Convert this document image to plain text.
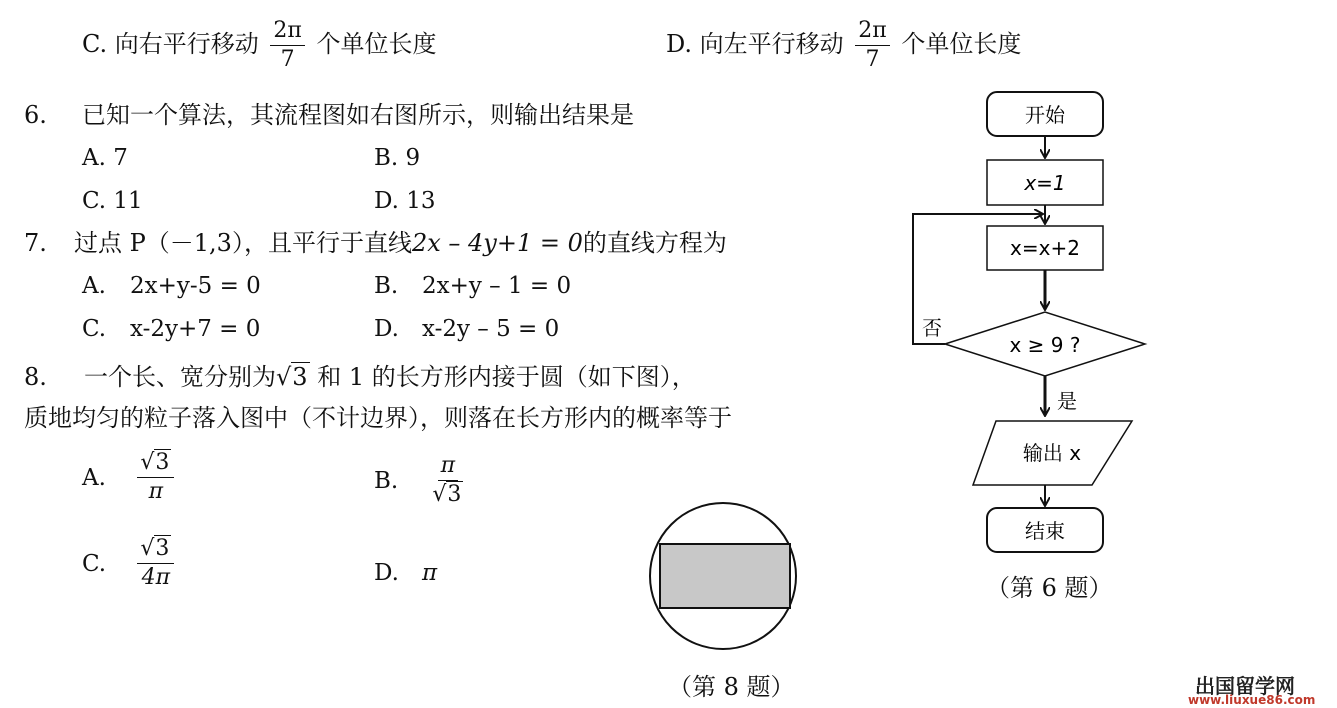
C. 向右平行移动 $\frac{2\pi}{7}$ 个单位长度	D. 向左平行移动 $\frac{2\pi}{7}$ 个单位长度
6. 已知一个算法，其流程图如右图所示，则输出结果是
A. 7	B. 9
C. 11	D. 13
7. 过点 P（－1,3），且平行于直线2x – 4y+1 = 0的直线方程为
A. 2x+y-5 = 0	B. 2x+y – 1 = 0
C. x-2y+7 = 0	D. x-2y – 5 = 0
8. 一个长、宽分别为√3 和 1 的长方形内接于圆（如下图），
质地均匀的粒子落入图中（不计边界），则落在长方形内的概率等于
A. $\frac{√3}{\pi}$	B. $\frac{\pi}{√3}$
C. $\frac{√3}{4\pi}$	D. π
（第 8 题）
开始
x=1
x=x+2
x ≥ 9 ?
否
是
输出 x
结束
（第 6 题）
出国留学网
www.liuxue86.com
